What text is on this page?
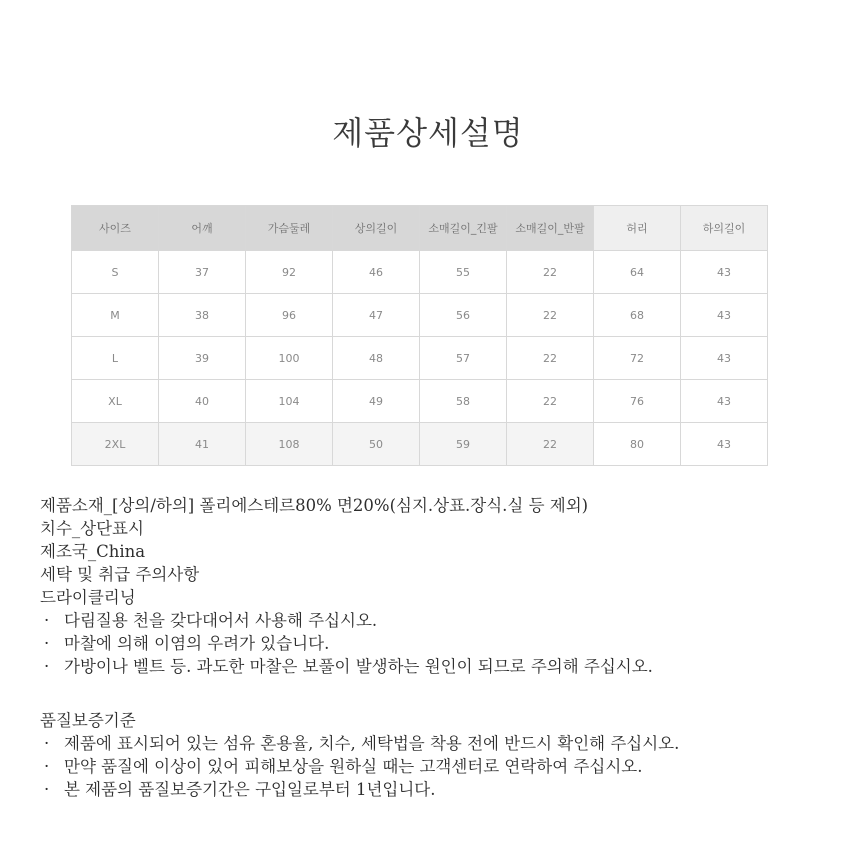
제품상세설명
사이즈	어깨	가슴둘레	상의길이	소매길이_긴팔	소매길이_반팔	허리	하의길이
S	37	92	46	55	22	64	43
M	38	96	47	56	22	68	43
L	39	100	48	57	22	72	43
XL	40	104	49	58	22	76	43
2XL	41	108	50	59	22	80	43
제품소재_[상의/하의] 폴리에스테르80% 면20%(심지.상표.장식.실 등 제외)
치수_상단표시
제조국_China
세탁 및 취급 주의사항
드라이클리닝
· 다림질용 천을 갖다대어서 사용해 주십시오.
· 마찰에 의해 이염의 우려가 있습니다.
· 가방이나 벨트 등. 과도한 마찰은 보풀이 발생하는 원인이 되므로 주의해 주십시오.
품질보증기준
· 제품에 표시되어 있는 섬유 혼용율, 치수, 세탁법을 착용 전에 반드시 확인해 주십시오.
· 만약 품질에 이상이 있어 피해보상을 원하실 때는 고객센터로 연락하여 주십시오.
· 본 제품의 품질보증기간은 구입일로부터 1년입니다.
